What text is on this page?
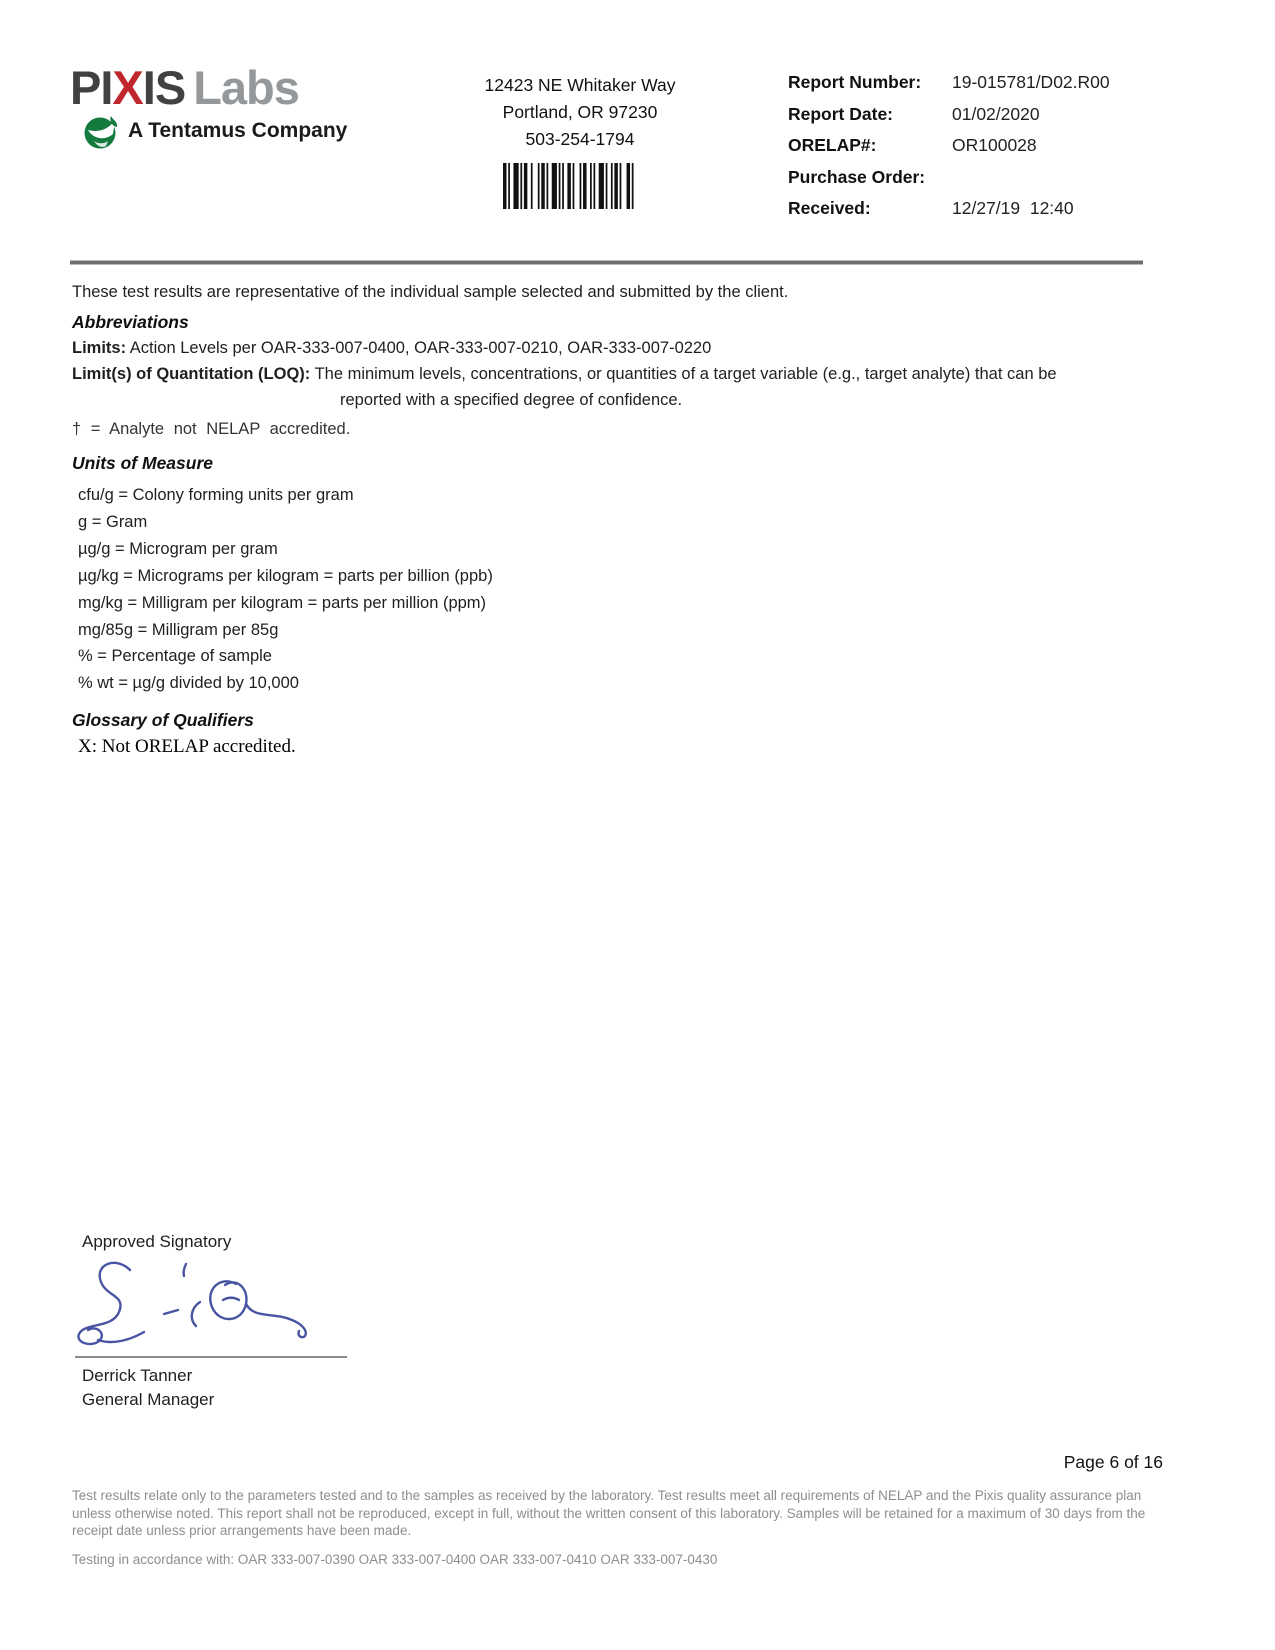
PIXIS Labs
A Tentamus Company
12423 NE Whitaker Way
Portland, OR 97230
503-254-1794
Report Number:	19-015781/D02.R00
Report Date:	01/02/2020
ORELAP#:	OR100028
Purchase Order:
Received:	12/27/19  12:40
These test results are representative of the individual sample selected and submitted by the client.
Abbreviations
Limits: Action Levels per OAR-333-007-0400, OAR-333-007-0210, OAR-333-007-0220
Limit(s) of Quantitation (LOQ): The minimum levels, concentrations, or quantities of a target variable (e.g., target analyte) that can be
reported with a specified degree of confidence.
† = Analyte not NELAP accredited.
Units of Measure
cfu/g = Colony forming units per gram
g = Gram
µg/g = Microgram per gram
µg/kg = Micrograms per kilogram = parts per billion (ppb)
mg/kg = Milligram per kilogram = parts per million (ppm)
mg/85g = Milligram per 85g
% = Percentage of sample
% wt = µg/g divided by 10,000
Glossary of Qualifiers
X: Not ORELAP accredited.
Approved Signatory
Derrick Tanner
General Manager
Page 6 of 16
Test results relate only to the parameters tested and to the samples as received by the laboratory. Test results meet all requirements of NELAP and the Pixis quality assurance plan unless otherwise noted. This report shall not be reproduced, except in full, without the written consent of this laboratory. Samples will be retained for a maximum of 30 days from the receipt date unless prior arrangements have been made.
Testing in accordance with: OAR 333-007-0390 OAR 333-007-0400 OAR 333-007-0410 OAR 333-007-0430
